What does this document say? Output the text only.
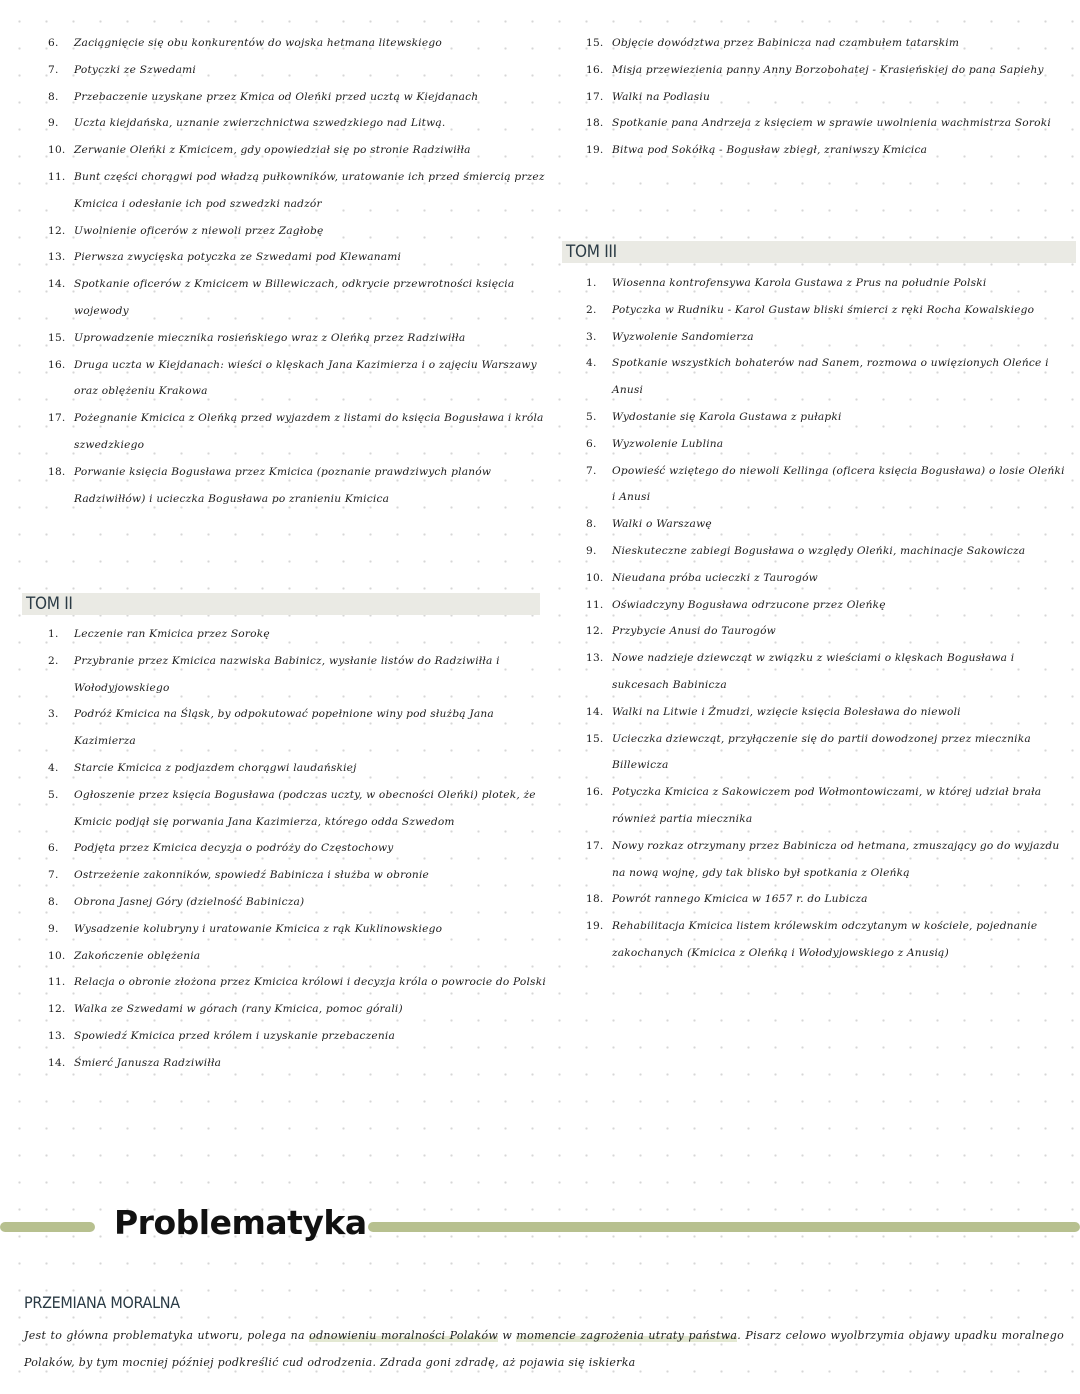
6.	Zaciągnięcie się obu konkurentów do wojska hetmana litewskiego
7.	Potyczki ze Szwedami
8.	Przebaczenie uzyskane przez Kmica od Oleńki przed ucztą w Kiejdanach
9.	Uczta kiejdańska, uznanie zwierzchnictwa szwedzkiego nad Litwą.
10. Zerwanie Oleńki z Kmicicem, gdy opowiedział się po stronie Radziwiłła
11. Bunt części chorągwi pod władzą pułkowników, uratowanie ich przed śmiercią przez Kmicica i odesłanie ich pod szwedzki nadzór
12. Uwolnienie oficerów z niewoli przez Zagłobę
13. Pierwsza zwycięska potyczka ze Szwedami pod Klewanami
14. Spotkanie oficerów z Kmicicem w Billewiczach, odkrycie przewrotności księcia wojewody
15. Uprowadzenie miecznika rosieńskiego wraz z Oleńką przez Radziwiłła
16. Druga uczta w Kiejdanach: wieści o klęskach Jana Kazimierza i o zajęciu Warszawy oraz oblężeniu Krakowa
17. Pożegnanie Kmicica z Oleńką przed wyjazdem z listami do księcia Bogusława i króla szwedzkiego
18. Porwanie księcia Bogusława przez Kmicica (poznanie prawdziwych planów Radziwiłłów) i ucieczka Bogusława po zranieniu Kmicica
TOM II
1.	Leczenie ran Kmicica przez Sorokę
2.	Przybranie przez Kmicica nazwiska Babinicz, wysłanie listów do Radziwiłła i Wołodyjowskiego
3.	Podróż Kmicica na Śląsk, by odpokutować popełnione winy pod służbą Jana Kazimierza
4.	Starcie Kmicica z podjazdem chorągwi laudańskiej
5.	Ogłoszenie przez księcia Bogusława (podczas uczty, w obecności Oleńki) plotek, że Kmicic podjął się porwania Jana Kazimierza, którego odda Szwedom
6.	Podjęta przez Kmicica decyzja o podróży do Częstochowy
7.	Ostrzeżenie zakonników, spowiedź Babinicza i służba w obronie
8.	Obrona Jasnej Góry (dzielność Babinicza)
9.	Wysadzenie kolubryny i uratowanie Kmicica z rąk Kuklinowskiego
10. Zakończenie oblężenia
11. Relacja o obronie złożona przez Kmicica królowi i decyzja króla o powrocie do Polski
12. Walka ze Szwedami w górach (rany Kmicica, pomoc górali)
13. Spowiedź Kmicica przed królem i uzyskanie przebaczenia
14. Śmierć Janusza Radziwiłła
15. Objęcie dowództwa przez Babinicza nad czambułem tatarskim
16. Misja przewiezienia panny Anny Borzobohatej - Krasieńskiej do pana Sapiehy
17. Walki na Podlasiu
18. Spotkanie pana Andrzeja z księciem w sprawie uwolnienia wachmistrza Soroki
19. Bitwa pod Sokółką - Bogusław zbiegł, zraniwszy Kmicica
TOM III
1.	Wiosenna kontrofensywa Karola Gustawa z Prus na południe Polski
2.	Potyczka w Rudniku - Karol Gustaw bliski śmierci z ręki Rocha Kowalskiego
3.	Wyzwolenie Sandomierza
4.	Spotkanie wszystkich bohaterów nad Sanem, rozmowa o uwięzionych Oleńce i Anusi
5.	Wydostanie się Karola Gustawa z pułapki
6.	Wyzwolenie Lublina
7.	Opowieść wziętego do niewoli Kellinga (oficera księcia Bogusława) o losie Oleńki i Anusi
8.	Walki o Warszawę
9.	Nieskuteczne zabiegi Bogusława o względy Oleńki, machinacje Sakowicza
10. Nieudana próba ucieczki z Taurogów
11. Oświadczyny Bogusława odrzucone przez Oleńkę
12. Przybycie Anusi do Taurogów
13. Nowe nadzieje dziewcząt w związku z wieściami o klęskach Bogusława i sukcesach Babinicza
14. Walki na Litwie i Żmudzi, wzięcie księcia Bolesława do niewoli
15. Ucieczka dziewcząt, przyłączenie się do partii dowodzonej przez miecznika Billewicza
16. Potyczka Kmicica z Sakowiczem pod Wołmontowiczami, w której udział brała również partia miecznika
17. Nowy rozkaz otrzymany przez Babinicza od hetmana, zmuszający go do wyjazdu na nową wojnę, gdy tak blisko był spotkania z Oleńką
18. Powrót rannego Kmicica w 1657 r. do Lubicza
19. Rehabilitacja Kmicica listem królewskim odczytanym w kościele, pojednanie zakochanych (Kmicica z Oleńką i Wołodyjowskiego z Anusią)
Problematyka
PRZEMIANA MORALNA
Jest to główna problematyka utworu, polega na odnowieniu moralności Polaków w momencie zagrożenia utraty państwa. Pisarz celowo wyolbrzymia objawy upadku moralnego Polaków, by tym mocniej później podkreślić cud odrodzenia. Zdrada goni zdradę, aż pojawia się iskierka
